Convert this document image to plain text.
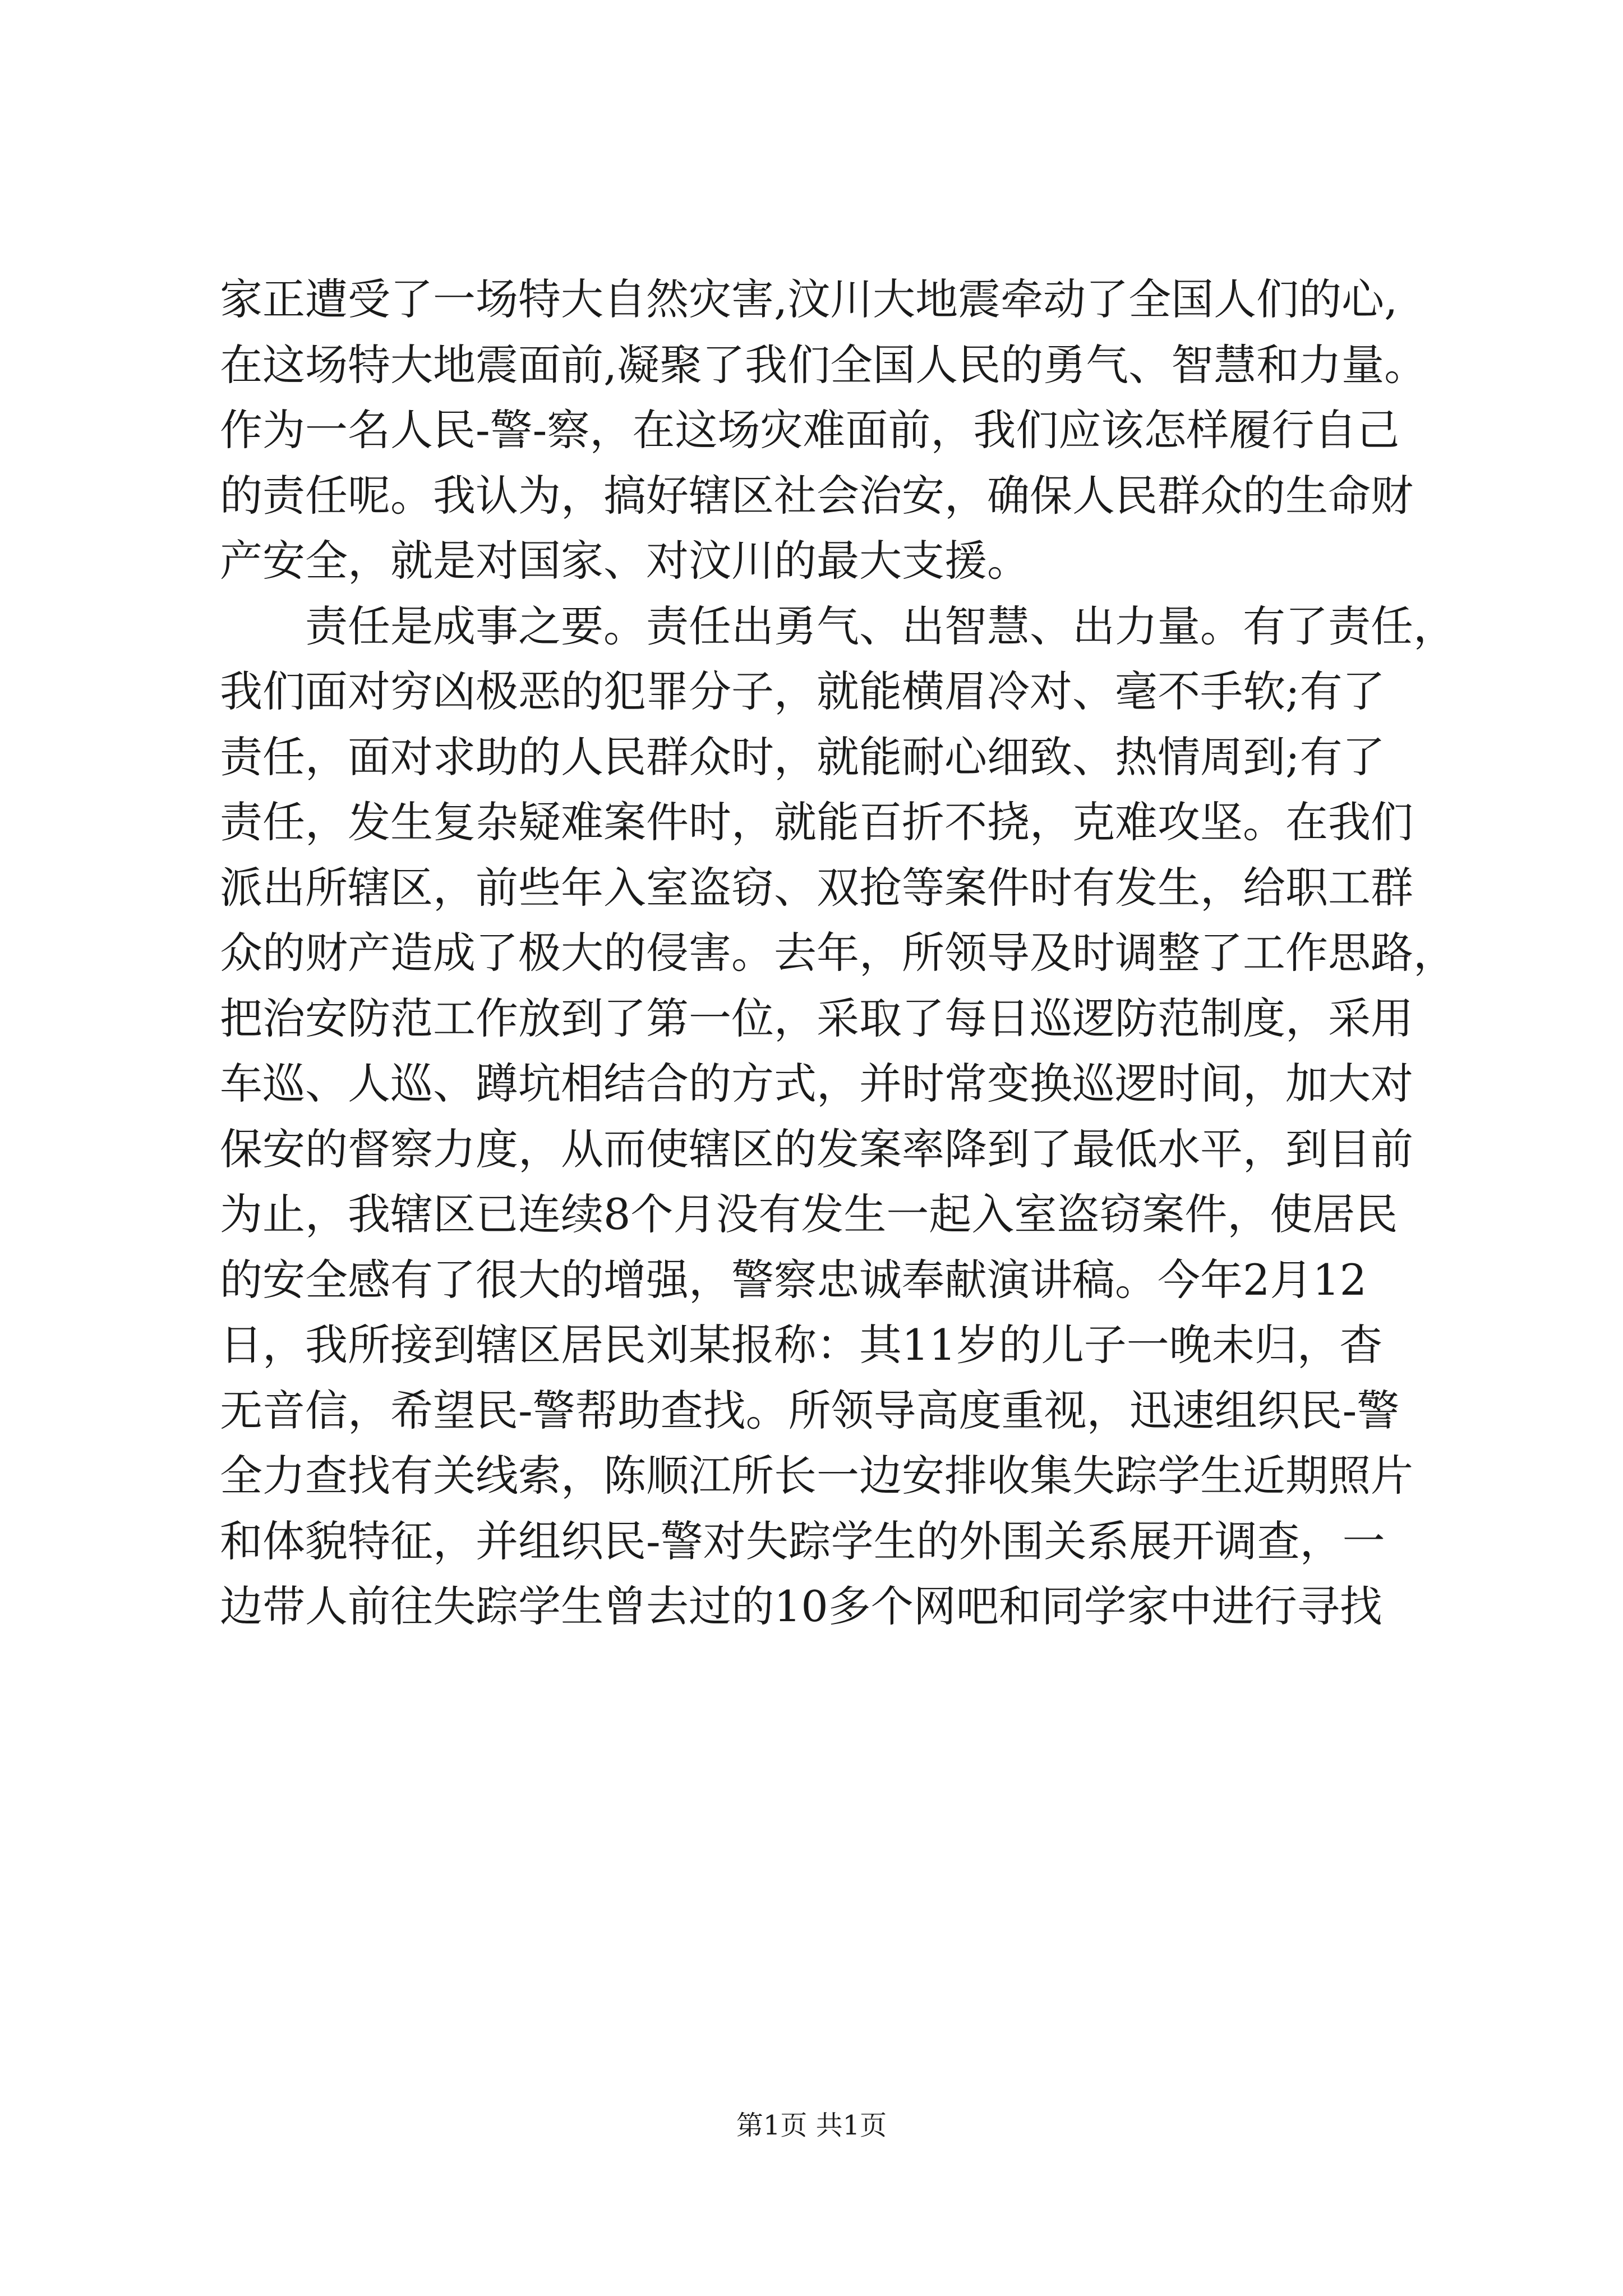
家正遭受了一场特大自然灾害,汶川大地震牵动了全国人们的心,
在这场特大地震面前,凝聚了我们全国人民的勇气、智慧和力量。
作为一名人民-警-察，在这场灾难面前，我们应该怎样履行自己
的责任呢。我认为，搞好辖区社会治安，确保人民群众的生命财
产安全，就是对国家、对汶川的最大支援。
责任是成事之要。责任出勇气、出智慧、出力量。有了责任，
我们面对穷凶极恶的犯罪分子，就能横眉冷对、毫不手软;有了
责任，面对求助的人民群众时，就能耐心细致、热情周到;有了
责任，发生复杂疑难案件时，就能百折不挠，克难攻坚。在我们
派出所辖区，前些年入室盗窃、双抢等案件时有发生，给职工群
众的财产造成了极大的侵害。去年，所领导及时调整了工作思路，
把治安防范工作放到了第一位，采取了每日巡逻防范制度，采用
车巡、人巡、蹲坑相结合的方式，并时常变换巡逻时间，加大对
保安的督察力度，从而使辖区的发案率降到了最低水平，到目前
为止，我辖区已连续8个月没有发生一起入室盗窃案件，使居民
的安全感有了很大的增强，警察忠诚奉献演讲稿。今年2月12
日，我所接到辖区居民刘某报称：其11岁的儿子一晚未归，杳
无音信，希望民-警帮助查找。所领导高度重视，迅速组织民-警
全力查找有关线索，陈顺江所长一边安排收集失踪学生近期照片
和体貌特征，并组织民-警对失踪学生的外围关系展开调查，一
边带人前往失踪学生曾去过的10多个网吧和同学家中进行寻找
第1页 共1页
